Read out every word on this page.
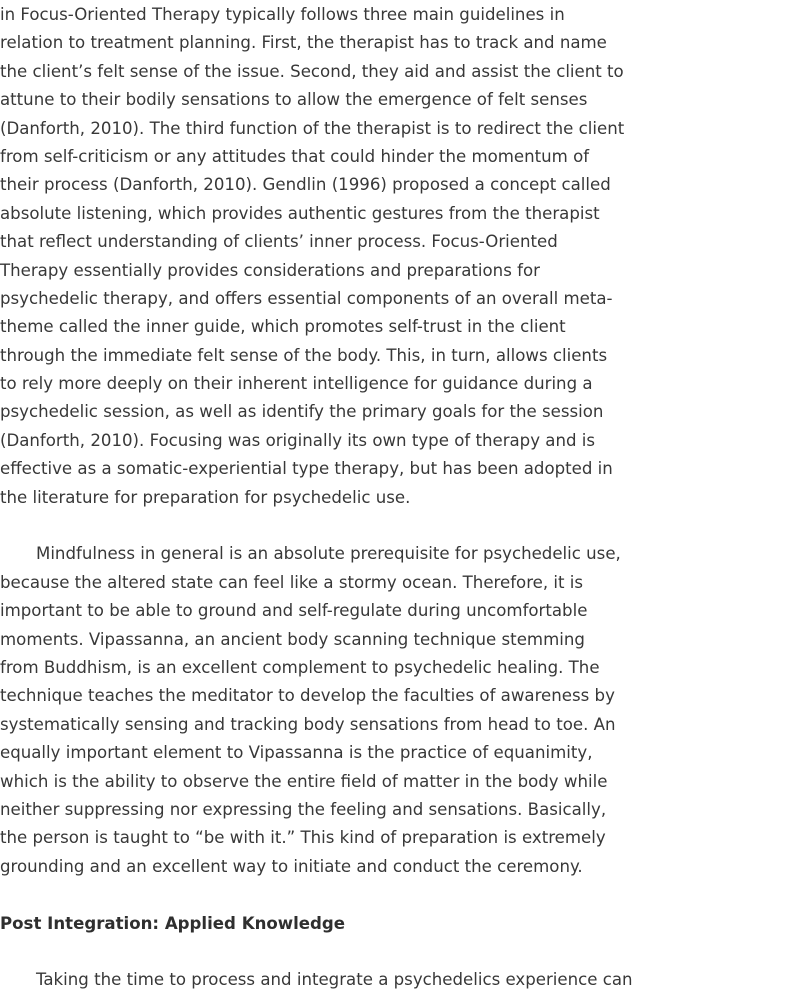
in Focus-Oriented Therapy typically follows three main guidelines in
relation to treatment planning. First, the therapist has to track and name
the client’s felt sense of the issue. Second, they aid and assist the client to
attune to their bodily sensations to allow the emergence of felt senses
(Danforth, 2010). The third function of the therapist is to redirect the client
from self-criticism or any attitudes that could hinder the momentum of
their process (Danforth, 2010). Gendlin (1996) proposed a concept called
absolute listening, which provides authentic gestures from the therapist
that reflect understanding of clients’ inner process. Focus-Oriented
Therapy essentially provides considerations and preparations for
psychedelic therapy, and offers essential components of an overall meta-
theme called the inner guide, which promotes self-trust in the client
through the immediate felt sense of the body. This, in turn, allows clients
to rely more deeply on their inherent intelligence for guidance during a
psychedelic session, as well as identify the primary goals for the session
(Danforth, 2010). Focusing was originally its own type of therapy and is
effective as a somatic-experiential type therapy, but has been adopted in
the literature for preparation for psychedelic use.
Mindfulness in general is an absolute prerequisite for psychedelic use,
because the altered state can feel like a stormy ocean. Therefore, it is
important to be able to ground and self-regulate during uncomfortable
moments. Vipassanna, an ancient body scanning technique stemming
from Buddhism, is an excellent complement to psychedelic healing. The
technique teaches the meditator to develop the faculties of awareness by
systematically sensing and tracking body sensations from head to toe. An
equally important element to Vipassanna is the practice of equanimity,
which is the ability to observe the entire field of matter in the body while
neither suppressing nor expressing the feeling and sensations. Basically,
the person is taught to “be with it.” This kind of preparation is extremely
grounding and an excellent way to initiate and conduct the ceremony.
Post Integration: Applied Knowledge
Taking the time to process and integrate a psychedelics experience can
